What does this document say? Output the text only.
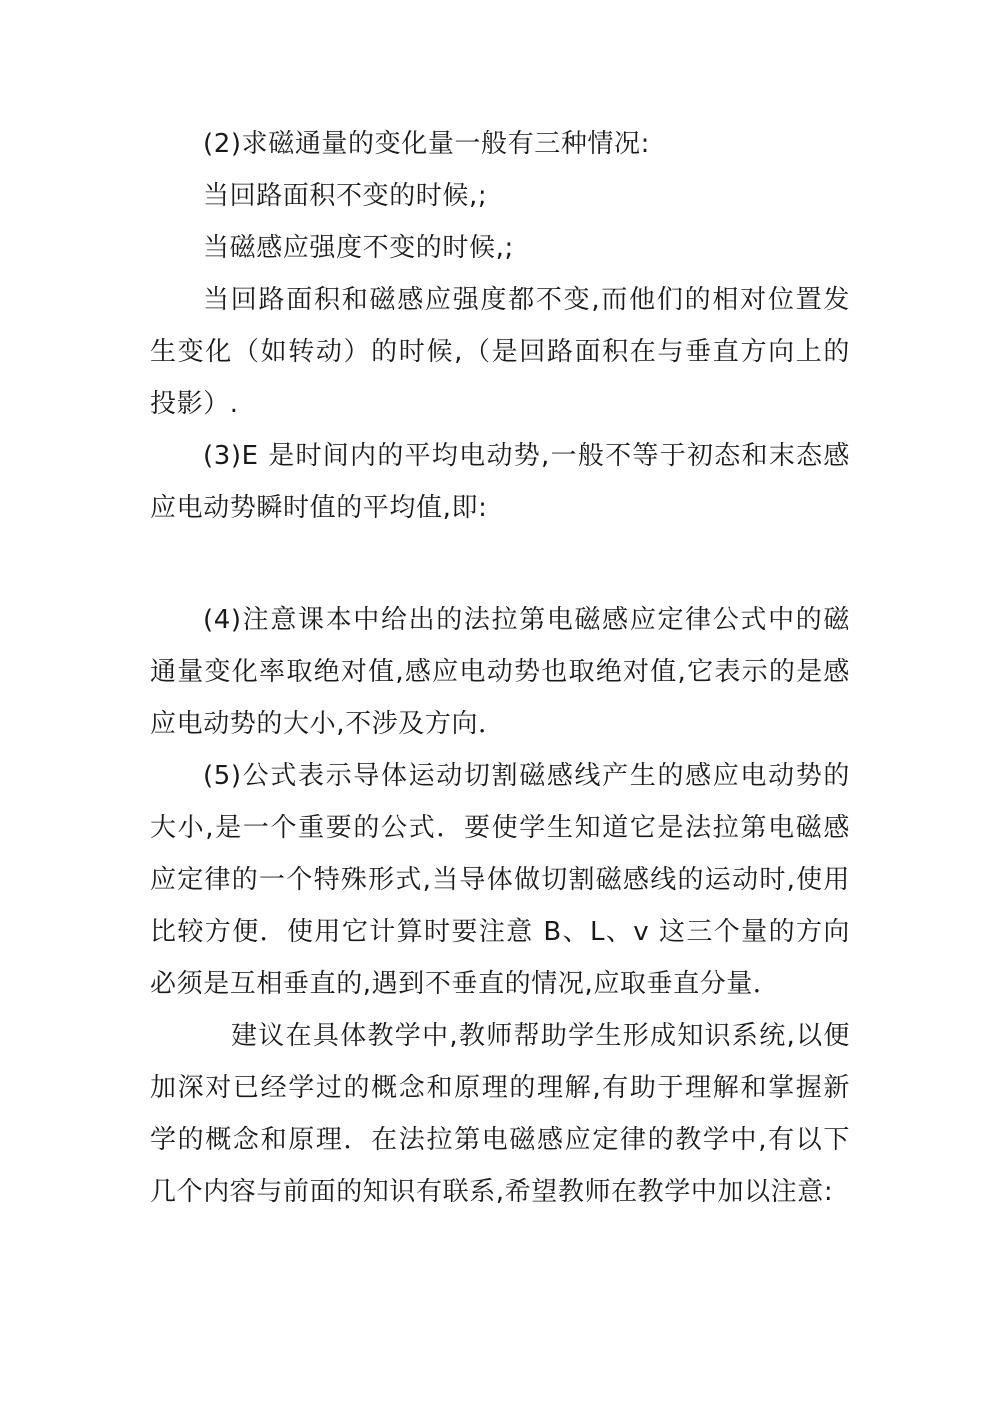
(2)求磁通量的变化量一般有三种情况:

当回路面积不变的时候,;

当磁感应强度不变的时候,;

当回路面积和磁感应强度都不变,而他们的相对位置发生变化（如转动）的时候,（是回路面积在与垂直方向上的投影）.

(3)E 是时间内的平均电动势,一般不等于初态和末态感应电动势瞬时值的平均值,即:

(4)注意课本中给出的法拉第电磁感应定律公式中的磁通量变化率取绝对值,感应电动势也取绝对值,它表示的是感应电动势的大小,不涉及方向．

(5)公式表示导体运动切割磁感线产生的感应电动势的大小,是一个重要的公式．要使学生知道它是法拉第电磁感应定律的一个特殊形式,当导体做切割磁感线的运动时,使用比较方便．使用它计算时要注意 B、L、v 这三个量的方向必须是互相垂直的,遇到不垂直的情况,应取垂直分量．

建议在具体教学中,教师帮助学生形成知识系统,以便加深对已经学过的概念和原理的理解,有助于理解和掌握新学的概念和原理．在法拉第电磁感应定律的教学中,有以下几个内容与前面的知识有联系,希望教师在教学中加以注意:
